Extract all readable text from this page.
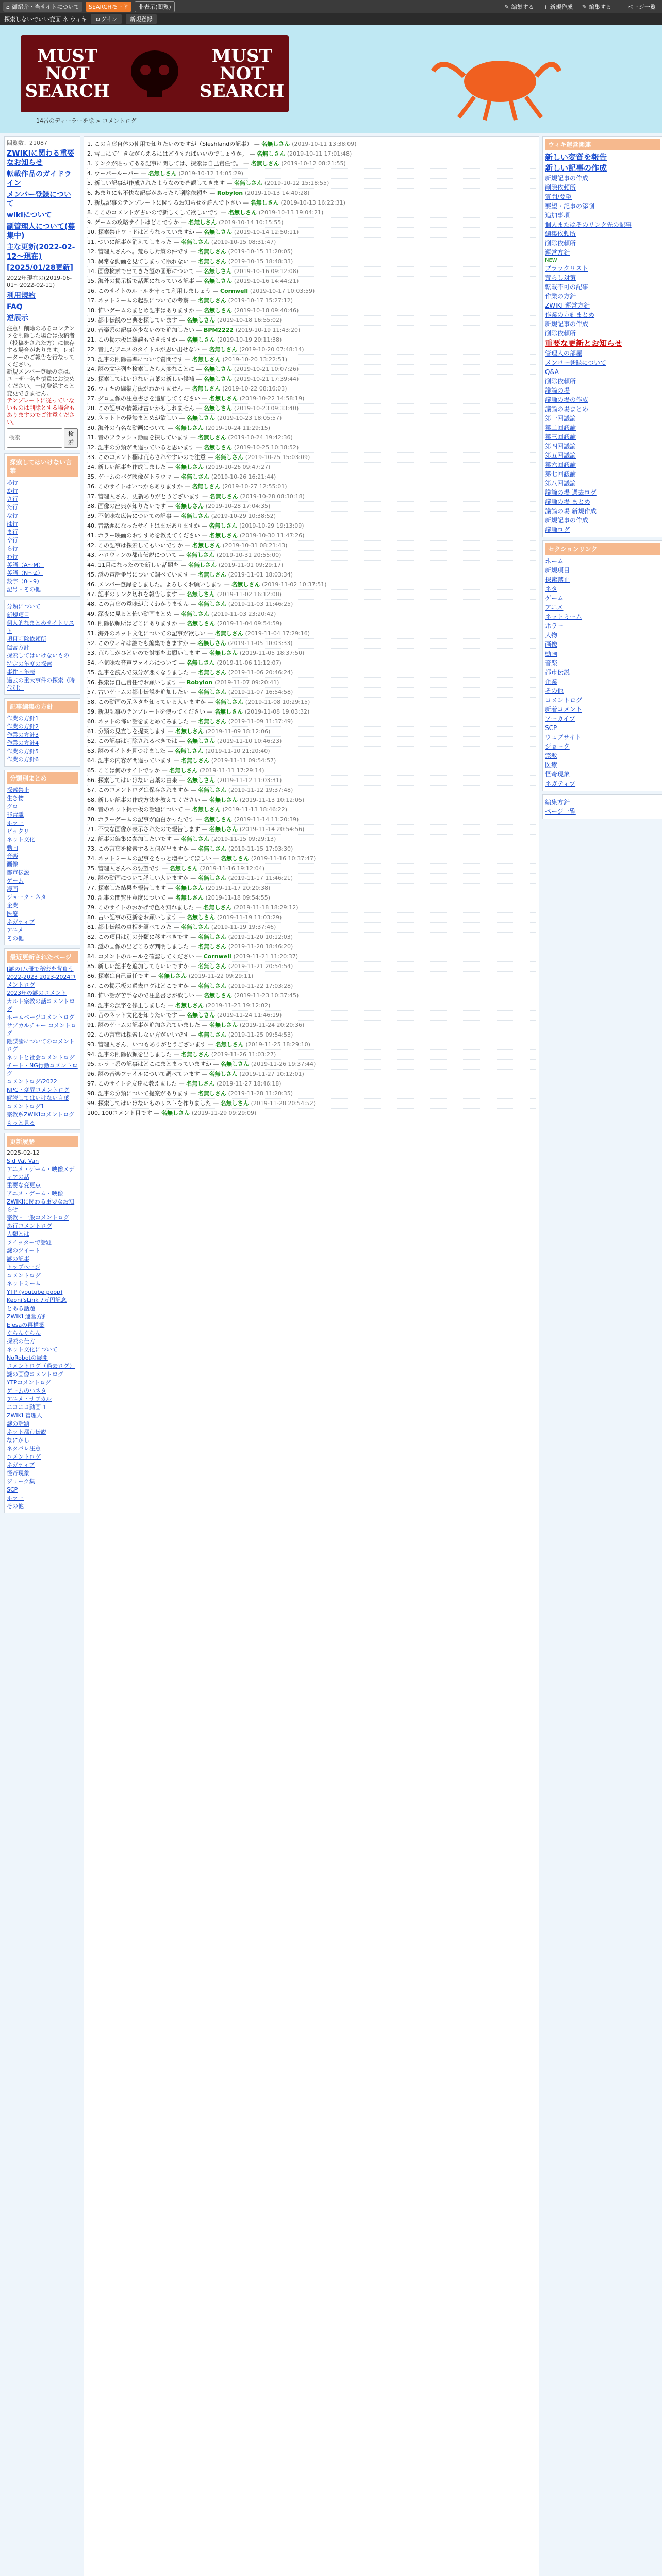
⌂ 御紹介・当サイトについて	SEARCHモード	非表示(閲覧)	✎ 編集する + 新規作成 ✎ 編集する ≡ ページ一覧
探索しないでいい変面 ネ ウィキ	ログイン	新規登録
MUST
NOT
SEARCH
MUST
NOT
SEARCH
14番のディーラーを除 > コメントログ
閲覧数：21087
ZWIKIに関わる重要なお知らせ
転載作品のガイドライン
メンバー登録について
wikiについて
副管理人について(募集中)
主な更新(2022-02-12～現在)
[2025/01/28更新]
2022年現在の(2019-06-01～2022-02-11)
利用規約
FAQ
逆展示
注意！削除のあるコンテンツを削除した場合は投稿者（投稿をされた方）に依存する場合があります。レポーターのご報告を行なってください。
新規メンバー登録の際は、ユーザー名を慎重にお決めください。一度登録すると変更できません。
テンプレートに従っていないものは削除とする場合もありますのでご注意ください。
検索
検索
探索してはいけない言葉
あ行
か行
さ行
た行
な行
は行
ま行
や行
ら行
わ行
英語（A〜M）
英語（N〜Z）
数字（0〜9）
記号・その他
分類について
新規項目
個人的なまとめサイトリスト
項目削除依頼所
運営方針
探索してはいけないもの
特定の年度の探索
事件・年表
過去の重大事件の探索（時代別）
記事編集の方針
作業の方針1
作業の方針2
作業の方針3
作業の方針4
作業の方針5
作業の方針6
分類別まとめ
探索禁止
生き物
グロ
非常識
ホラー
ビックリ
ネット文化
動画
音楽
画像
都市伝説
ゲーム
漫画
ジョーク・ネタ
企業
医療
ネガティブ
アニメ
その他
最近更新されたページ
[謎の]八冊で秘密を背負う
2022-2023 2023-2024コメントログ
2023年の謎のコメント
カルト宗教の話コメントログ
ホームページコメントログ
サブカルチャー コメントログ
陰謀論についてのコメントログ
ネットと社会コメントログ
チート・NG行動コメントログ
コメントログ/2022
NPC・変異コメントログ
解読してはいけない言葉
コメントログ1
宗教系ZWIKIコメントログ
もっと見る
更新履歴
2025-02-12
Sid Vat Van
アニメ・ゲーム・映像メディアの話
重要な変更点
アニメ・ゲーム・映像
ZWIKIに関わる重要なお知らせ
宗教・一般コメントログ
あ行コメントログ
人類とは
ツイッターで話題
謎のツイート
謎の記事
トップページ
コメントログ
ネットミーム
YTP (youtube poop)
Keoni'sLink 7万円記念
とある話題
ZWIKI 運営方針
Elesaの再構築
ぐらんぐらん
探索の仕方
ネット文化について
NoRobotの展開
コメントログ（過去ログ）
謎の画像コメントログ
YTPコメントログ
ゲームの小ネタ
アニメ・サブカル
ニコニコ動画 1
ZWIKI 管理人
謎の話題
ネット都市伝説
なにがし
ネタバレ注意
コメントログ
ネガティブ
怪奇現象
ジョーク集
SCP
ホラー
その他
1. この言葉自体の使用で知りたいのですが（Sleshlandの記事） — 名無しさん (2019-10-11 13:38:09)
2. 雪山にて生きながらえるにはどうすればいいのでしょうか。 — 名無しさん (2019-10-11 17:01:48)
3. リンクが貼ってある記事に関しては、探索は自己責任で。 — 名無しさん (2019-10-12 08:21:55)
4. ウーパールーパー — 名無しさん (2019-10-12 14:05:29)
5. 新しい記事が作成されたようなので確認してきます — 名無しさん (2019-10-12 15:18:55)
6. あまりにも不快な記事があったら削除依頼を — Robylon (2019-10-13 14:40:28)
7. 新規記事のテンプレートに関するお知らせを読んで下さい — 名無しさん (2019-10-13 16:22:31)
8. ここのコメントが古いので新しくして欲しいです — 名無しさん (2019-10-13 19:04:21)
9. ゲームの攻略サイトはどこですか — 名無しさん (2019-10-14 10:15:55)
10. 探索禁止ワードはどうなっていますか — 名無しさん (2019-10-14 12:50:11)
11. ついに記事が消えてしまった — 名無しさん (2019-10-15 08:31:47)
12. 管理人さんへ。荒らし対策の件です — 名無しさん (2019-10-15 11:20:05)
13. 異常な動画を見てしまって眠れない — 名無しさん (2019-10-15 18:48:33)
14. 画像検索で出てきた謎の図形について — 名無しさん (2019-10-16 09:12:08)
15. 海外の掲示板で話題になっている記事 — 名無しさん (2019-10-16 14:44:21)
16. このサイトのルールを守って利用しましょう — Cornwell (2019-10-17 10:03:59)
17. ネットミームの起源についての考察 — 名無しさん (2019-10-17 15:27:12)
18. 怖いゲームのまとめ記事はありますか — 名無しさん (2019-10-18 09:40:46)
19. 都市伝説の出典を探しています — 名無しさん (2019-10-18 16:55:02)
20. 音楽系の記事が少ないので追加したい — BPM2222 (2019-10-19 11:43:20)
21. この掲示板は雑談もできますか — 名無しさん (2019-10-19 20:11:38)
22. 昔見たアニメのタイトルが思い出せない — 名無しさん (2019-10-20 07:48:14)
23. 記事の削除基準について質問です — 名無しさん (2019-10-20 13:22:51)
24. 謎の文字列を検索したら大変なことに — 名無しさん (2019-10-21 10:07:26)
25. 探索してはいけない言葉の新しい候補 — 名無しさん (2019-10-21 17:39:44)
26. ウィキの編集方法がわかりません — 名無しさん (2019-10-22 08:16:03)
27. グロ画像の注意書きを追加してください — 名無しさん (2019-10-22 14:58:19)
28. この記事の情報は古いかもしれません — 名無しさん (2019-10-23 09:33:40)
29. ネット上の怪談まとめが欲しい — 名無しさん (2019-10-23 18:05:57)
30. 海外の有名な動画について — 名無しさん (2019-10-24 11:29:15)
31. 昔のフラッシュ動画を探しています — 名無しさん (2019-10-24 19:42:36)
32. 記事の分類が間違っていると思います — 名無しさん (2019-10-25 10:18:52)
33. このコメント欄は荒らされやすいので注意 — 名無しさん (2019-10-25 15:03:09)
34. 新しい記事を作成しました — 名無しさん (2019-10-26 09:47:27)
35. ゲームのバグ映像がトラウマ — 名無しさん (2019-10-26 16:21:44)
36. このサイトはいつからありますか — 名無しさん (2019-10-27 12:55:01)
37. 管理人さん、更新ありがとうございます — 名無しさん (2019-10-28 08:30:18)
38. 画像の出典が知りたいです — 名無しさん (2019-10-28 17:04:35)
39. 不気味な広告についての記事 — 名無しさん (2019-10-29 10:38:52)
40. 昔話題になったサイトはまだありますか — 名無しさん (2019-10-29 19:13:09)
41. ホラー映画のおすすめを教えてください — 名無しさん (2019-10-30 11:47:26)
42. この記事は探索してもいいですか — 名無しさん (2019-10-31 08:21:43)
43. ハロウィンの都市伝説について — 名無しさん (2019-10-31 20:55:00)
44. 11月になったので新しい話題を — 名無しさん (2019-11-01 09:29:17)
45. 謎の電話番号について調べています — 名無しさん (2019-11-01 18:03:34)
46. メンバー登録をしました。よろしくお願いします — 名無しさん (2019-11-02 10:37:51)
47. 記事のリンク切れを報告します — 名無しさん (2019-11-02 16:12:08)
48. この言葉の意味がよくわかりません — 名無しさん (2019-11-03 11:46:25)
49. 深夜に見ると怖い動画まとめ — 名無しさん (2019-11-03 23:20:42)
50. 削除依頼所はどこにありますか — 名無しさん (2019-11-04 09:54:59)
51. 海外のネット文化についての記事が欲しい — 名無しさん (2019-11-04 17:29:16)
52. このウィキは誰でも編集できますか — 名無しさん (2019-11-05 10:03:33)
53. 荒らしがひどいので対策をお願いします — 名無しさん (2019-11-05 18:37:50)
54. 不気味な音声ファイルについて — 名無しさん (2019-11-06 11:12:07)
55. 記事を読んで気分が悪くなりました — 名無しさん (2019-11-06 20:46:24)
56. 探索は自己責任でお願いします — Robylon (2019-11-07 09:20:41)
57. 古いゲームの都市伝説を追加したい — 名無しさん (2019-11-07 16:54:58)
58. この動画の元ネタを知っている人いますか — 名無しさん (2019-11-08 10:29:15)
59. 新規記事のテンプレートを使ってください — 名無しさん (2019-11-08 19:03:32)
60. ネットの怖い話をまとめてみました — 名無しさん (2019-11-09 11:37:49)
61. 分類の見直しを提案します — 名無しさん (2019-11-09 18:12:06)
62. この記事は削除されるべきでは — 名無しさん (2019-11-10 10:46:23)
63. 謎のサイトを見つけました — 名無しさん (2019-11-10 21:20:40)
64. 記事の内容が間違っています — 名無しさん (2019-11-11 09:54:57)
65. ここは何のサイトですか — 名無しさん (2019-11-11 17:29:14)
66. 探索してはいけない言葉の由来 — 名無しさん (2019-11-12 11:03:31)
67. このコメントログは保存されますか — 名無しさん (2019-11-12 19:37:48)
68. 新しい記事の作成方法を教えてください — 名無しさん (2019-11-13 10:12:05)
69. 昔のネット掲示板の話題について — 名無しさん (2019-11-13 18:46:22)
70. ホラーゲームの記事が面白かったです — 名無しさん (2019-11-14 11:20:39)
71. 不快な画像が表示されたので報告します — 名無しさん (2019-11-14 20:54:56)
72. 記事の編集に参加したいです — 名無しさん (2019-11-15 09:29:13)
73. この言葉を検索すると何が出ますか — 名無しさん (2019-11-15 17:03:30)
74. ネットミームの記事をもっと増やしてほしい — 名無しさん (2019-11-16 10:37:47)
75. 管理人さんへの要望です — 名無しさん (2019-11-16 19:12:04)
76. 謎の動画について詳しい人いますか — 名無しさん (2019-11-17 11:46:21)
77. 探索した結果を報告します — 名無しさん (2019-11-17 20:20:38)
78. 記事の閲覧注意度について — 名無しさん (2019-11-18 09:54:55)
79. このサイトのおかげで色々知れました — 名無しさん (2019-11-18 18:29:12)
80. 古い記事の更新をお願いします — 名無しさん (2019-11-19 11:03:29)
81. 都市伝説の真相を調べてみた — 名無しさん (2019-11-19 19:37:46)
82. この項目は別の分類に移すべきです — 名無しさん (2019-11-20 10:12:03)
83. 謎の画像の出どころが判明しました — 名無しさん (2019-11-20 18:46:20)
84. コメントのルールを確認してください — Cornwell (2019-11-21 11:20:37)
85. 新しい記事を追加してもいいですか — 名無しさん (2019-11-21 20:54:54)
86. 探索は自己責任です — 名無しさん (2019-11-22 09:29:11)
87. この掲示板の過去ログはどこですか — 名無しさん (2019-11-22 17:03:28)
88. 怖い話が苦手なので注意書きが欲しい — 名無しさん (2019-11-23 10:37:45)
89. 記事の誤字を修正しました — 名無しさん (2019-11-23 19:12:02)
90. 昔のネット文化を知りたいです — 名無しさん (2019-11-24 11:46:19)
91. 謎のゲームの記事が追加されていました — 名無しさん (2019-11-24 20:20:36)
92. この言葉は探索しない方がいいです — 名無しさん (2019-11-25 09:54:53)
93. 管理人さん、いつもありがとうございます — 名無しさん (2019-11-25 18:29:10)
94. 記事の削除依頼を出しました — 名無しさん (2019-11-26 11:03:27)
95. ホラー系の記事はどこにまとまっていますか — 名無しさん (2019-11-26 19:37:44)
96. 謎の音楽ファイルについて調べています — 名無しさん (2019-11-27 10:12:01)
97. このサイトを友達に教えました — 名無しさん (2019-11-27 18:46:18)
98. 記事の分類について提案があります — 名無しさん (2019-11-28 11:20:35)
99. 探索してはいけないものリストを作りました — 名無しさん (2019-11-28 20:54:52)
100. 100コメント目です — 名無しさん (2019-11-29 09:29:09)
ウィキ運営関連
新しい変質を報告
新しい記事の作成
新規記事の作成
削除依頼所
質問/要望
要望・記事の添削
追加事項
個人またはそのリンク先の記事
編集依頼所
削除依頼所
運営方針
NEW
ブラックリスト
荒らし対策
転載不可の記事
作業の方針
ZWIKI 運営方針
作業の方針まとめ
新規記事の作成
削除依頼所
重要な更新とお知らせ
管理人の部屋
メンバー登録について
Q&A
削除依頼所
議論の場
議論の場の作成
議論の場まとめ
第一回議論
第二回議論
第三回議論
第四回議論
第五回議論
第六回議論
第七回議論
第八回議論
議論の場 過去ログ
議論の場 まとめ
議論の場 新規作成
新規記事の作成
議論ログ
セクションリンク
ホーム
新規項目
探索禁止
ネタ
ゲーム
アニメ
ネットミーム
ホラー
人物
画像
動画
音楽
都市伝説
企業
その他
コメントログ
新着コメント
アーカイブ
SCP
ウェブサイト
ジョーク
宗教
医療
怪奇現象
ネガティブ
編集方針
ページ一覧
